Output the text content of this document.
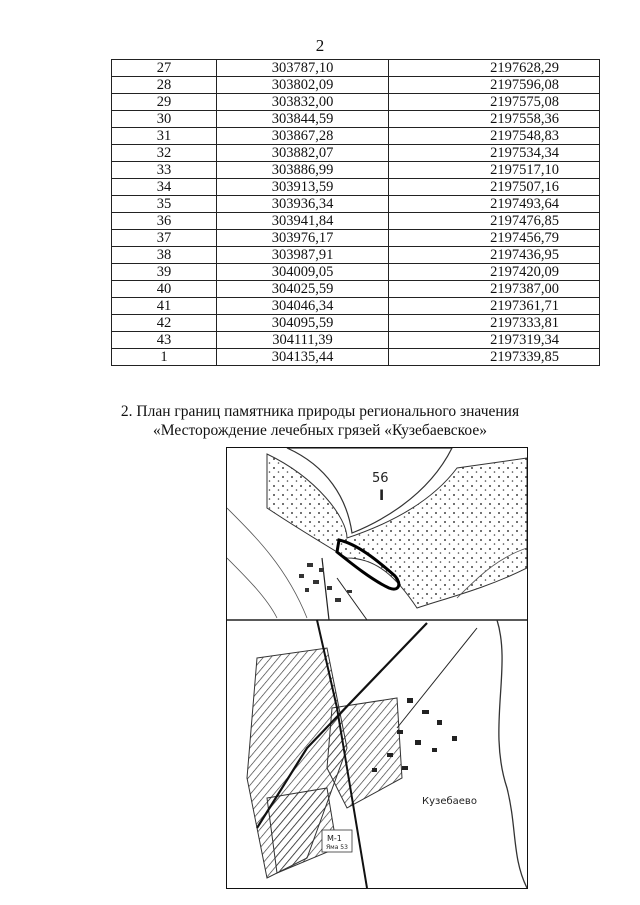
2
27	303787,10	2197628,29
28	303802,09	2197596,08
29	303832,00	2197575,08
30	303844,59	2197558,36
31	303867,28	2197548,83
32	303882,07	2197534,34
33	303886,99	2197517,10
34	303913,59	2197507,16
35	303936,34	2197493,64
36	303941,84	2197476,85
37	303976,17	2197456,79
38	303987,91	2197436,95
39	304009,05	2197420,09
40	304025,59	2197387,00
41	304046,34	2197361,71
42	304095,59	2197333,81
43	304111,39	2197319,34
1	304135,44	2197339,85
2. План границ памятника природы регионального значения
«Месторождение лечебных грязей «Кузебаевское»
56
I
Кузебаево
М-1
Яма 53
